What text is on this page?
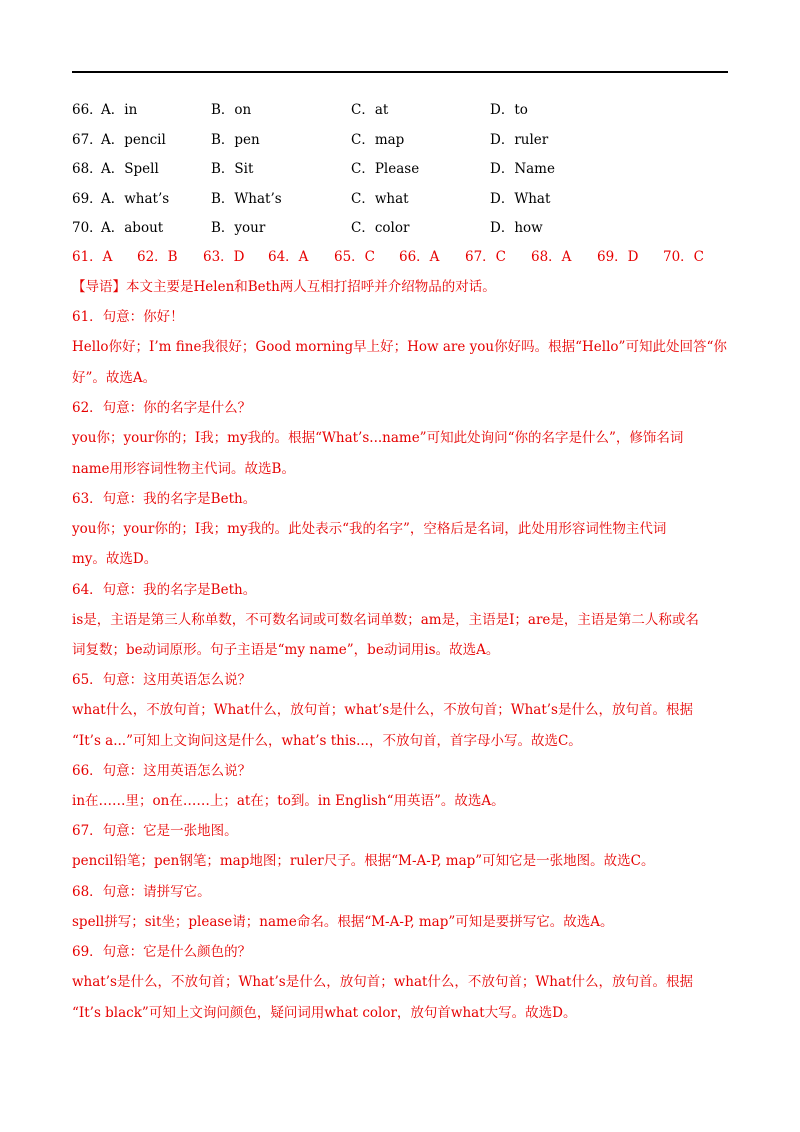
66．
A．in	B．on	C．at	D．to
67．
A．pencil	B．pen	C．map	D．ruler
68．
A．Spell	B．Sit	C．Please	D．Name
69．
A．what’s	B．What’s	C．what	D．What
70．
A．about	B．your	C．color	D．how
61．A 62．B 63．D 64．A 65．C 66．A 67．C 68．A 69．D 70．C
【导语】本文主要是Helen和Beth两人互相打招呼并介绍物品的对话。
61．句意：你好！
Hello你好；I’m fine我很好；Good morning早上好；How are you你好吗。根据“Hello”可知此处回答“你
好”。故选A。
62．句意：你的名字是什么？
you你；your你的；I我；my我的。根据“What’s...name”可知此处询问“你的名字是什么”，修饰名词
name用形容词性物主代词。故选B。
63．句意：我的名字是Beth。
you你；your你的；I我；my我的。此处表示“我的名字”，空格后是名词，此处用形容词性物主代词
my。故选D。
64．句意：我的名字是Beth。
is是，主语是第三人称单数，不可数名词或可数名词单数；am是，主语是I；are是，主语是第二人称或名
词复数；be动词原形。句子主语是“my name”，be动词用is。故选A。
65．句意：这用英语怎么说？
what什么，不放句首；What什么，放句首；what’s是什么，不放句首；What’s是什么，放句首。根据
“It’s a...”可知上文询问这是什么，what’s this...，不放句首，首字母小写。故选C。
66．句意：这用英语怎么说？
in在……里；on在……上；at在；to到。in English“用英语”。故选A。
67．句意：它是一张地图。
pencil铅笔；pen钢笔；map地图；ruler尺子。根据“M-A-P, map”可知它是一张地图。故选C。
68．句意：请拼写它。
spell拼写；sit坐；please请；name命名。根据“M-A-P, map”可知是要拼写它。故选A。
69．句意：它是什么颜色的？
what’s是什么，不放句首；What’s是什么，放句首；what什么，不放句首；What什么，放句首。根据
“It’s black”可知上文询问颜色，疑问词用what color，放句首what大写。故选D。
